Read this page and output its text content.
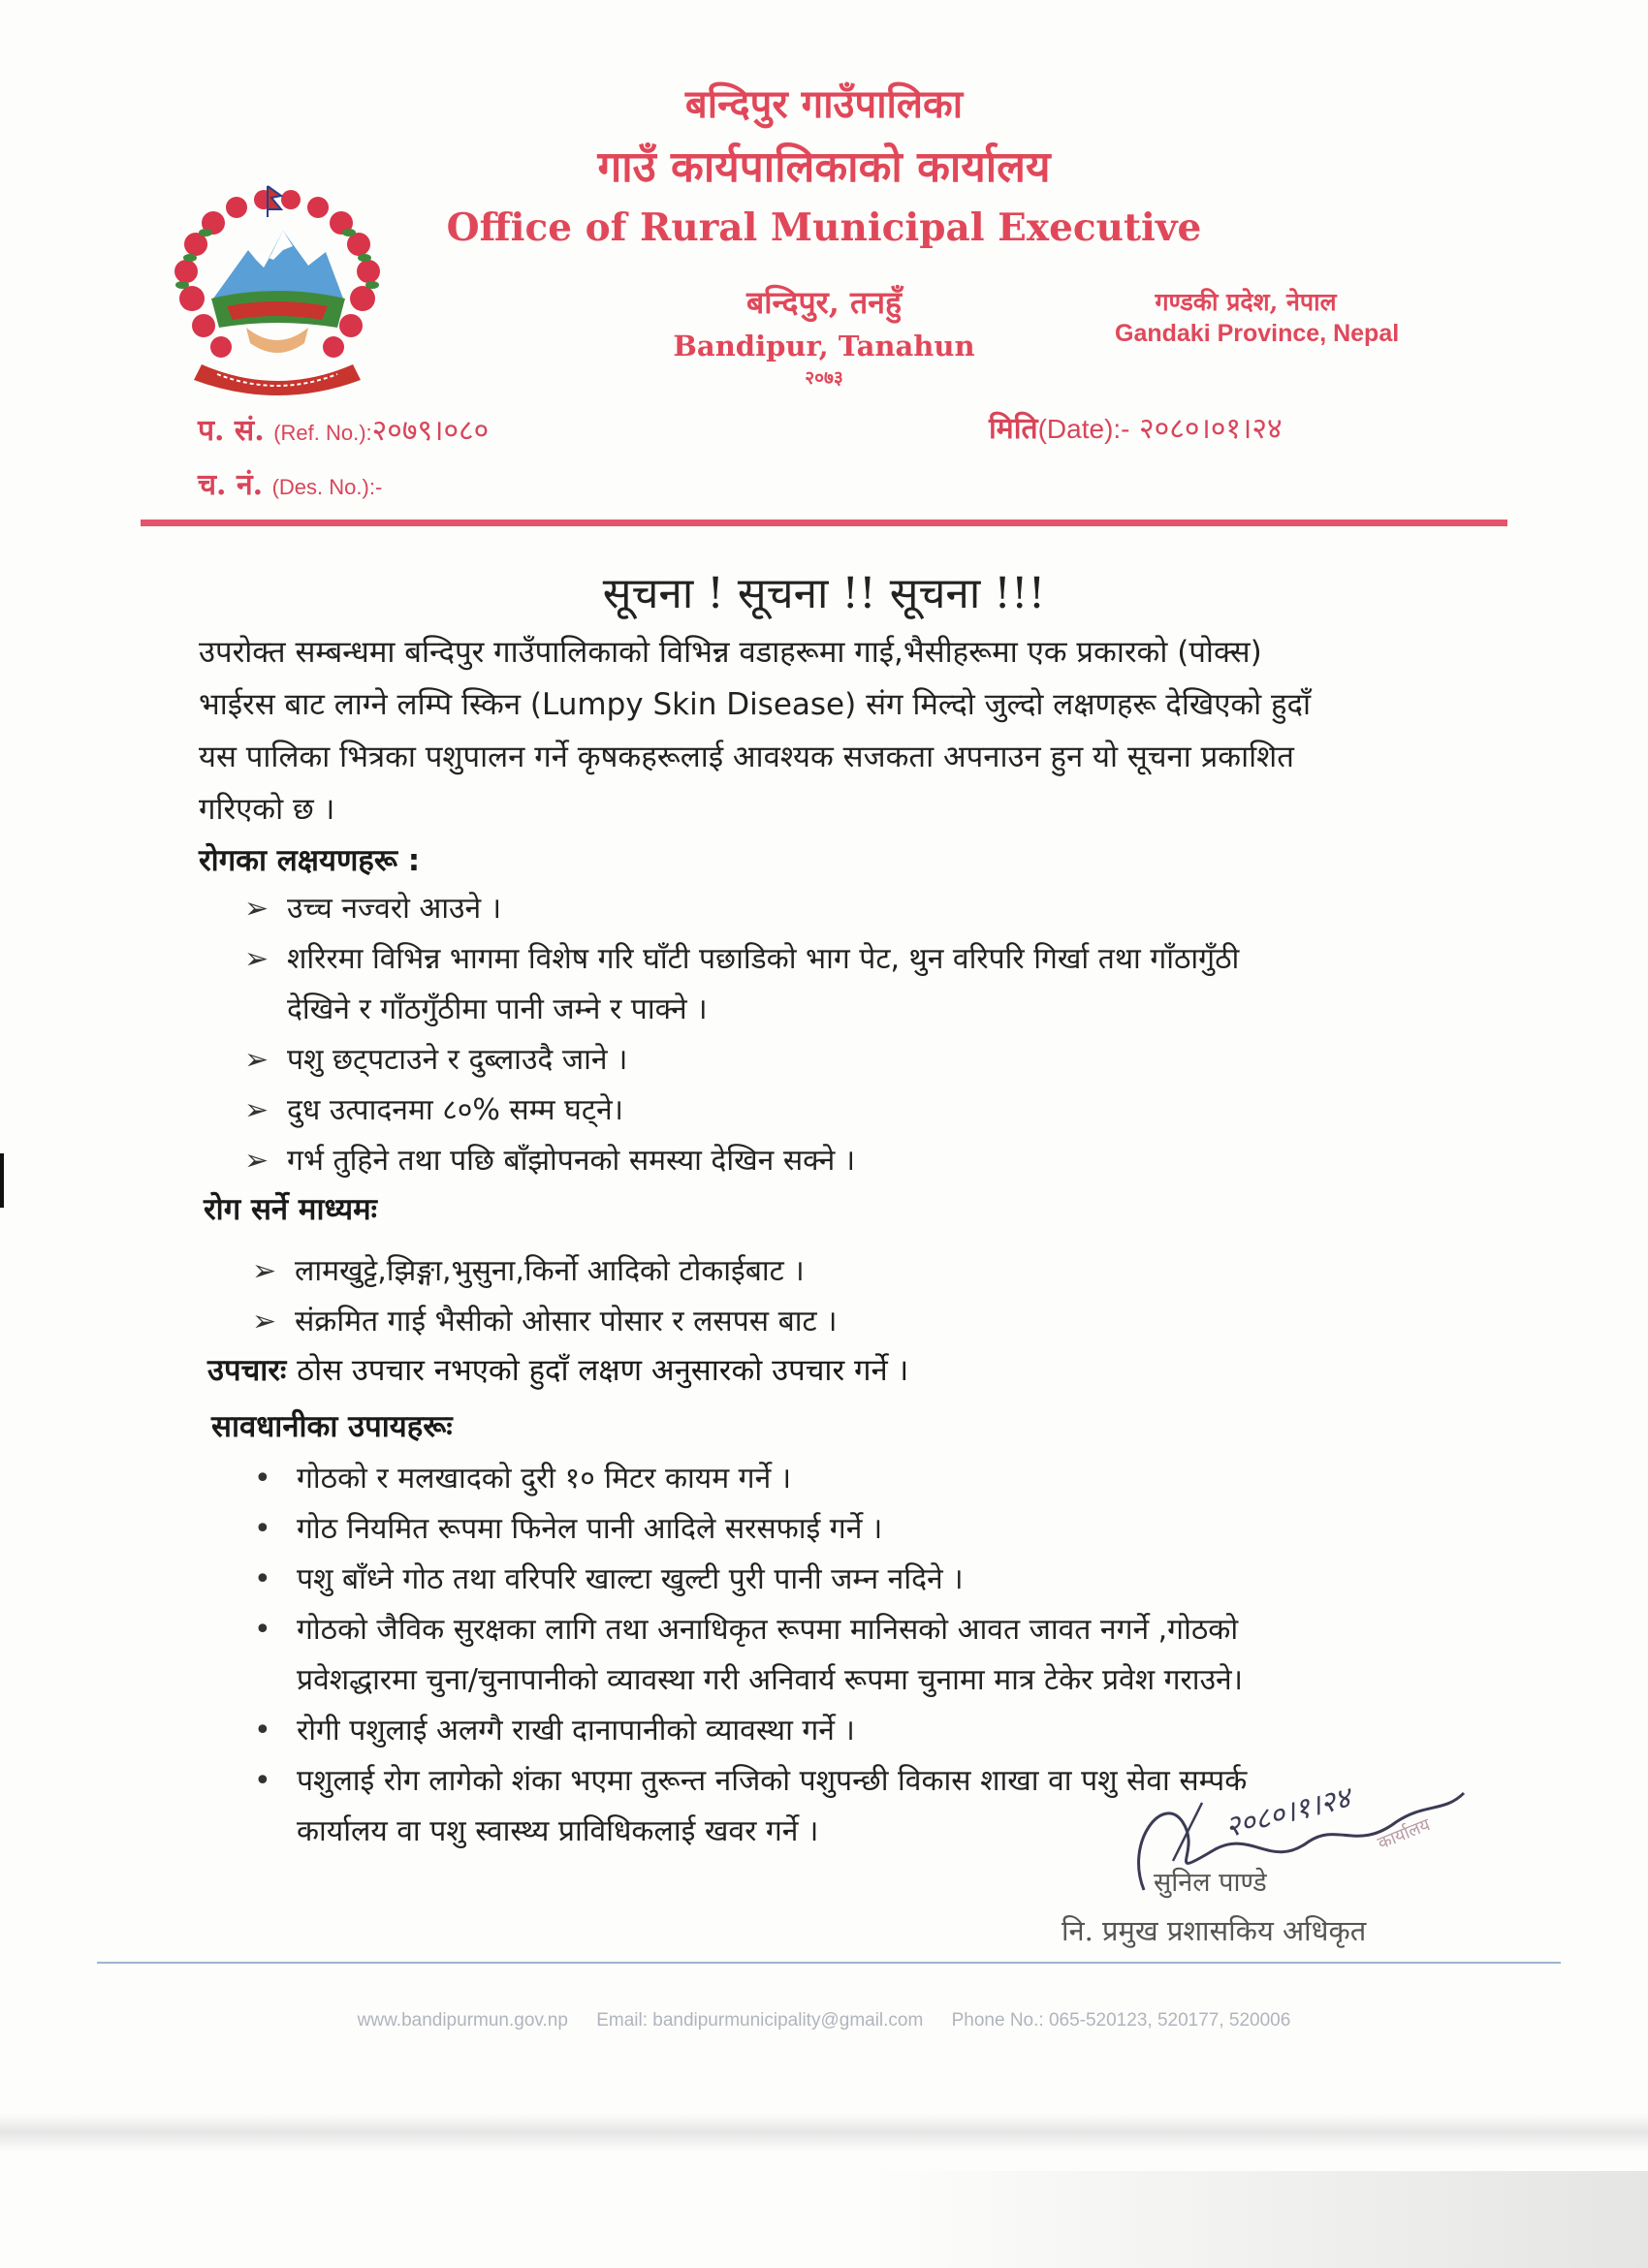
बन्दिपुर गाउँपालिका
गाउँ कार्यपालिकाको कार्यालय
Office of Rural Municipal Executive
बन्दिपुर, तनहुँ
Bandipur, Tanahun
२०७३
गण्डकी प्रदेश, नेपाल
Gandaki Province, Nepal
प. सं. (Ref. No.):२०७९।०८०
च. नं. (Des. No.):-
मिति(Date):- २०८०।०१।२४
सूचना ! सूचना !! सूचना !!!
उपरोक्त सम्बन्धमा बन्दिपुर गाउँपालिकाको विभिन्न वडाहरूमा गाई,भैसीहरूमा एक प्रकारको (पोक्स)
भाईरस बाट लाग्ने लम्पि स्किन (Lumpy Skin Disease) संग मिल्दो जुल्दो लक्षणहरू देखिएको हुदाँ
यस पालिका भित्रका पशुपालन गर्ने कृषकहरूलाई आवश्यक सजकता अपनाउन हुन यो सूचना प्रकाशित
गरिएको छ ।
रोगका लक्षयणहरू :
➢ उच्च नज्वरो आउने ।
➢ शरिरमा विभिन्न भागमा विशेष गरि घाँटी पछाडिको भाग पेट, थुन वरिपरि गिर्खा तथा गाँठागुँठी
देखिने र गाँठगुँठीमा पानी जम्ने र पाक्ने ।
➢ पशु छट्पटाउने र दुब्लाउदै जाने ।
➢ दुध उत्पादनमा ८०% सम्म घट्ने।
➢ गर्भ तुहिने तथा पछि बाँझोपनको समस्या देखिन सक्ने ।
रोग सर्ने माध्यमः
➢ लामखुट्टे,झिङ्गा,भुसुना,किर्नो आदिको टोकाईबाट ।
➢ संक्रमित गाई भैसीको ओसार पोसार र लसपस बाट ।
उपचारः ठोस उपचार नभएको हुदाँ लक्षण अनुसारको उपचार गर्ने ।
सावधानीका उपायहरूः
• गोठको र मलखादको दुरी १० मिटर कायम गर्ने ।
• गोठ नियमित रूपमा फिनेल पानी आदिले सरसफाई गर्ने ।
• पशु बाँध्ने गोठ तथा वरिपरि खाल्टा खुल्टी पुरी पानी जम्न नदिने ।
• गोठको जैविक सुरक्षका लागि तथा अनाधिकृत रूपमा मानिसको आवत जावत नगर्ने ,गोठको
प्रवेशद्धारमा चुना/चुनापानीको व्यावस्था गरी अनिवार्य रूपमा चुनामा मात्र टेकेर प्रवेश गराउने।
• रोगी पशुलाई अलग्गै राखी दानापानीको व्यावस्था गर्ने ।
• पशुलाई रोग लागेको शंका भएमा तुरून्त नजिको पशुपन्छी विकास शाखा वा पशु सेवा सम्पर्क
कार्यालय वा पशु स्वास्थ्य प्राविधिकलाई खवर गर्ने ।	२०८०।१।२४ कार्यालय
सुनिल पाण्डे
नि. प्रमुख प्रशासकिय अधिकृत
www.bandipurmun.gov.np Email: bandipurmunicipality@gmail.com Phone No.: 065-520123, 520177, 520006
